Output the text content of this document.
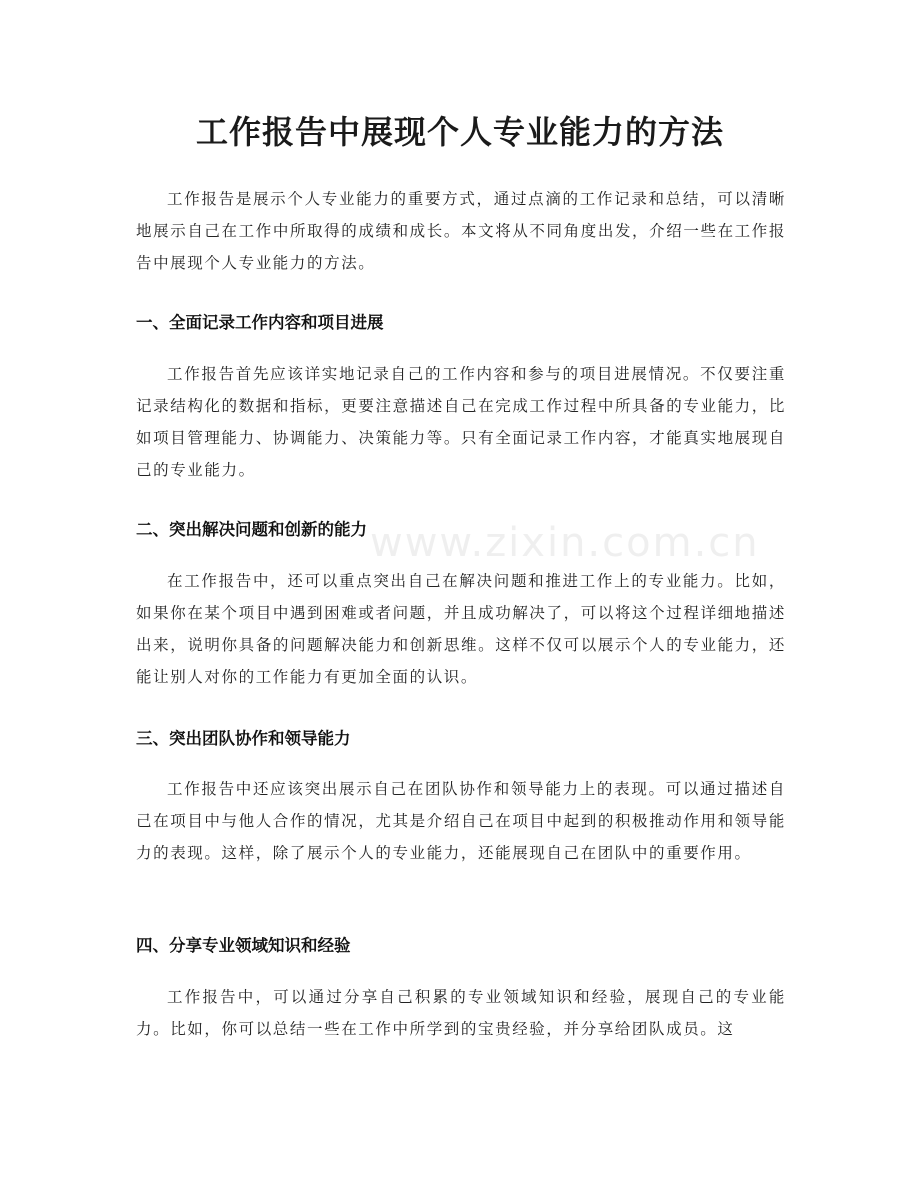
工作报告中展现个人专业能力的方法

工作报告是展示个人专业能力的重要方式，通过点滴的工作记录和总结，可以清晰地展示自己在工作中所取得的成绩和成长。本文将从不同角度出发，介绍一些在工作报告中展现个人专业能力的方法。

一、全面记录工作内容和项目进展

工作报告首先应该详实地记录自己的工作内容和参与的项目进展情况。不仅要注重记录结构化的数据和指标，更要注意描述自己在完成工作过程中所具备的专业能力，比如项目管理能力、协调能力、决策能力等。只有全面记录工作内容，才能真实地展现自己的专业能力。

二、突出解决问题和创新的能力

在工作报告中，还可以重点突出自己在解决问题和推进工作上的专业能力。比如，如果你在某个项目中遇到困难或者问题，并且成功解决了，可以将这个过程详细地描述出来，说明你具备的问题解决能力和创新思维。这样不仅可以展示个人的专业能力，还能让别人对你的工作能力有更加全面的认识。

三、突出团队协作和领导能力

工作报告中还应该突出展示自己在团队协作和领导能力上的表现。可以通过描述自己在项目中与他人合作的情况，尤其是介绍自己在项目中起到的积极推动作用和领导能力的表现。这样，除了展示个人的专业能力，还能展现自己在团队中的重要作用。

四、分享专业领域知识和经验

工作报告中，可以通过分享自己积累的专业领域知识和经验，展现自己的专业能力。比如，你可以总结一些在工作中所学到的宝贵经验，并分享给团队成员。这

www.zixin.com.cn
